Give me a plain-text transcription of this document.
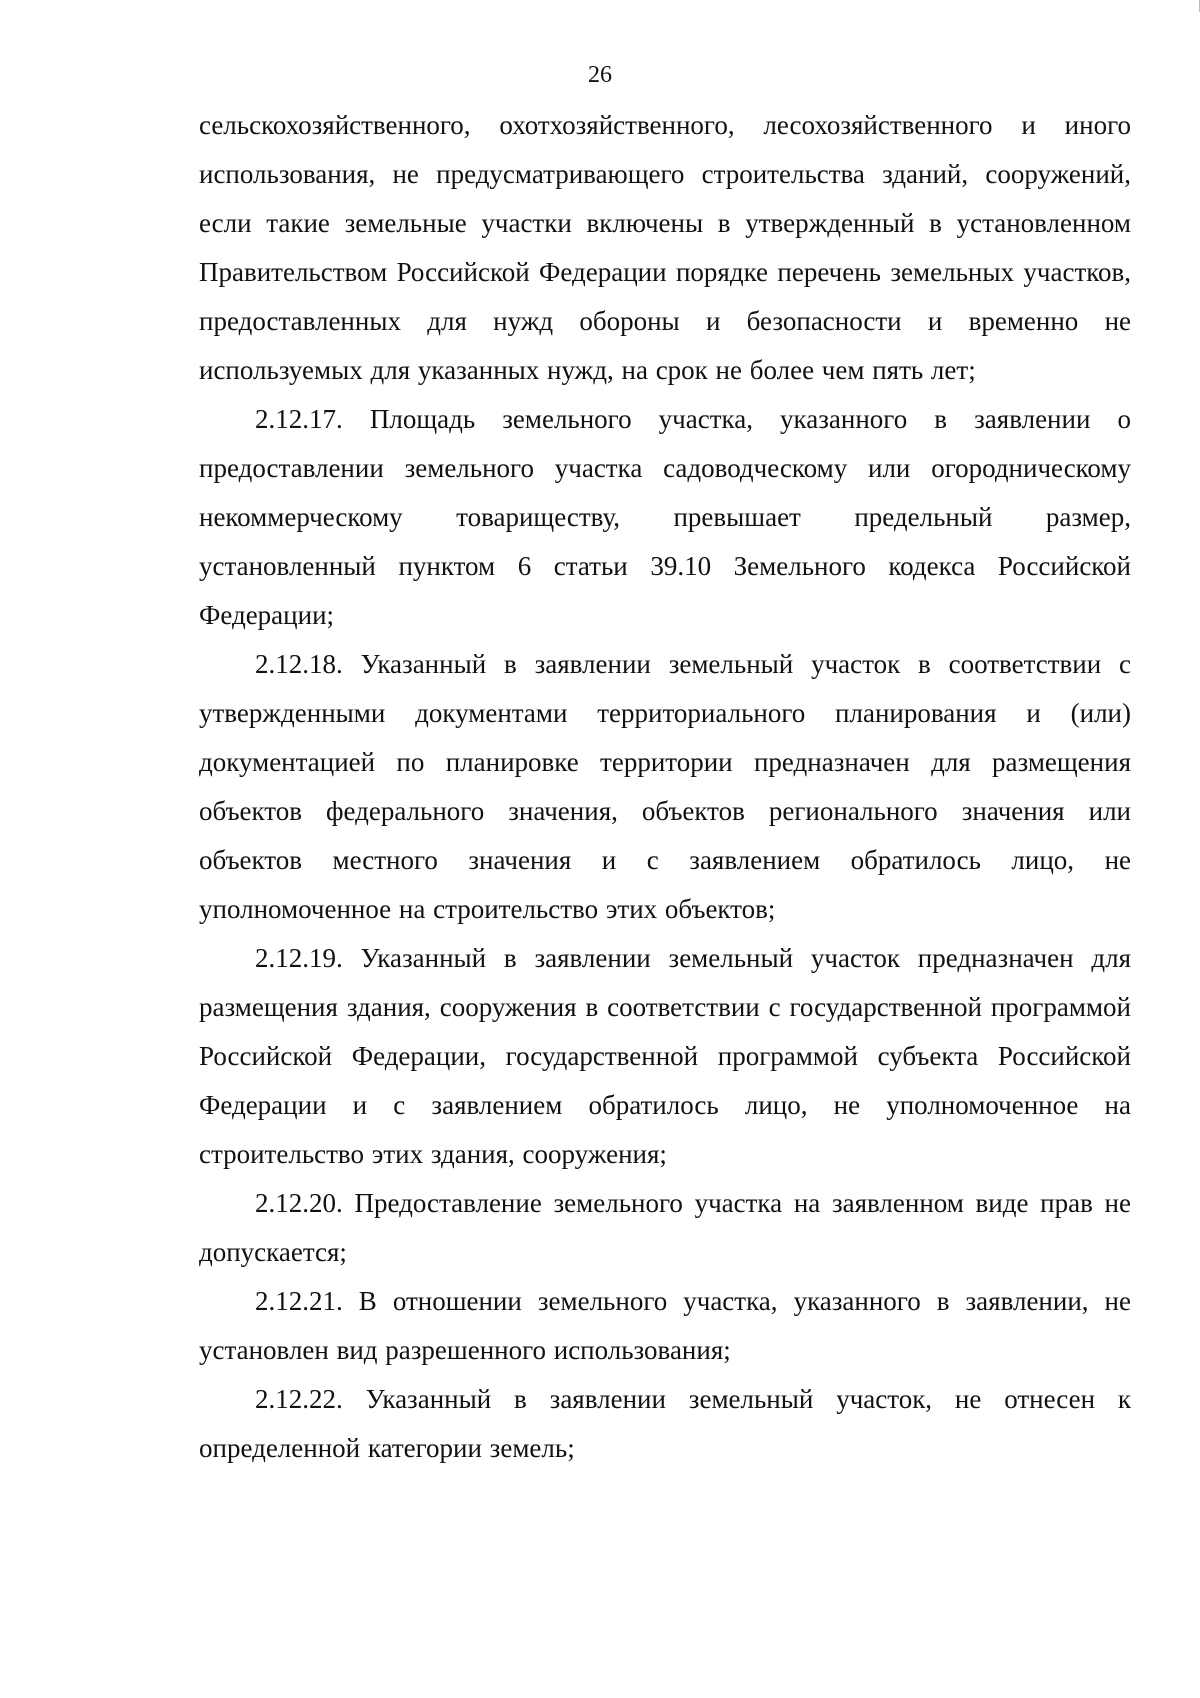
26

сельскохозяйственного, охотхозяйственного, лесохозяйственного и иного использования, не предусматривающего строительства зданий, сооружений, если такие земельные участки включены в утвержденный в установленном Правительством Российской Федерации порядке перечень земельных участков, предоставленных для нужд обороны и безопасности и временно не используемых для указанных нужд, на срок не более чем пять лет;

2.12.17. Площадь земельного участка, указанного в заявлении о предоставлении земельного участка садоводческому или огородническому некоммерческому товариществу, превышает предельный размер, установленный пунктом 6 статьи 39.10 Земельного кодекса Российской Федерации;

2.12.18. Указанный в заявлении земельный участок в соответствии с утвержденными документами территориального планирования и (или) документацией по планировке территории предназначен для размещения объектов федерального значения, объектов регионального значения или объектов местного значения и с заявлением обратилось лицо, не уполномоченное на строительство этих объектов;

2.12.19. Указанный в заявлении земельный участок предназначен для размещения здания, сооружения в соответствии с государственной программой Российской Федерации, государственной программой субъекта Российской Федерации и с заявлением обратилось лицо, не уполномоченное на строительство этих здания, сооружения;

2.12.20. Предоставление земельного участка на заявленном виде прав не допускается;

2.12.21. В отношении земельного участка, указанного в заявлении, не установлен вид разрешенного использования;

2.12.22. Указанный в заявлении земельный участок, не отнесен к определенной категории земель;
